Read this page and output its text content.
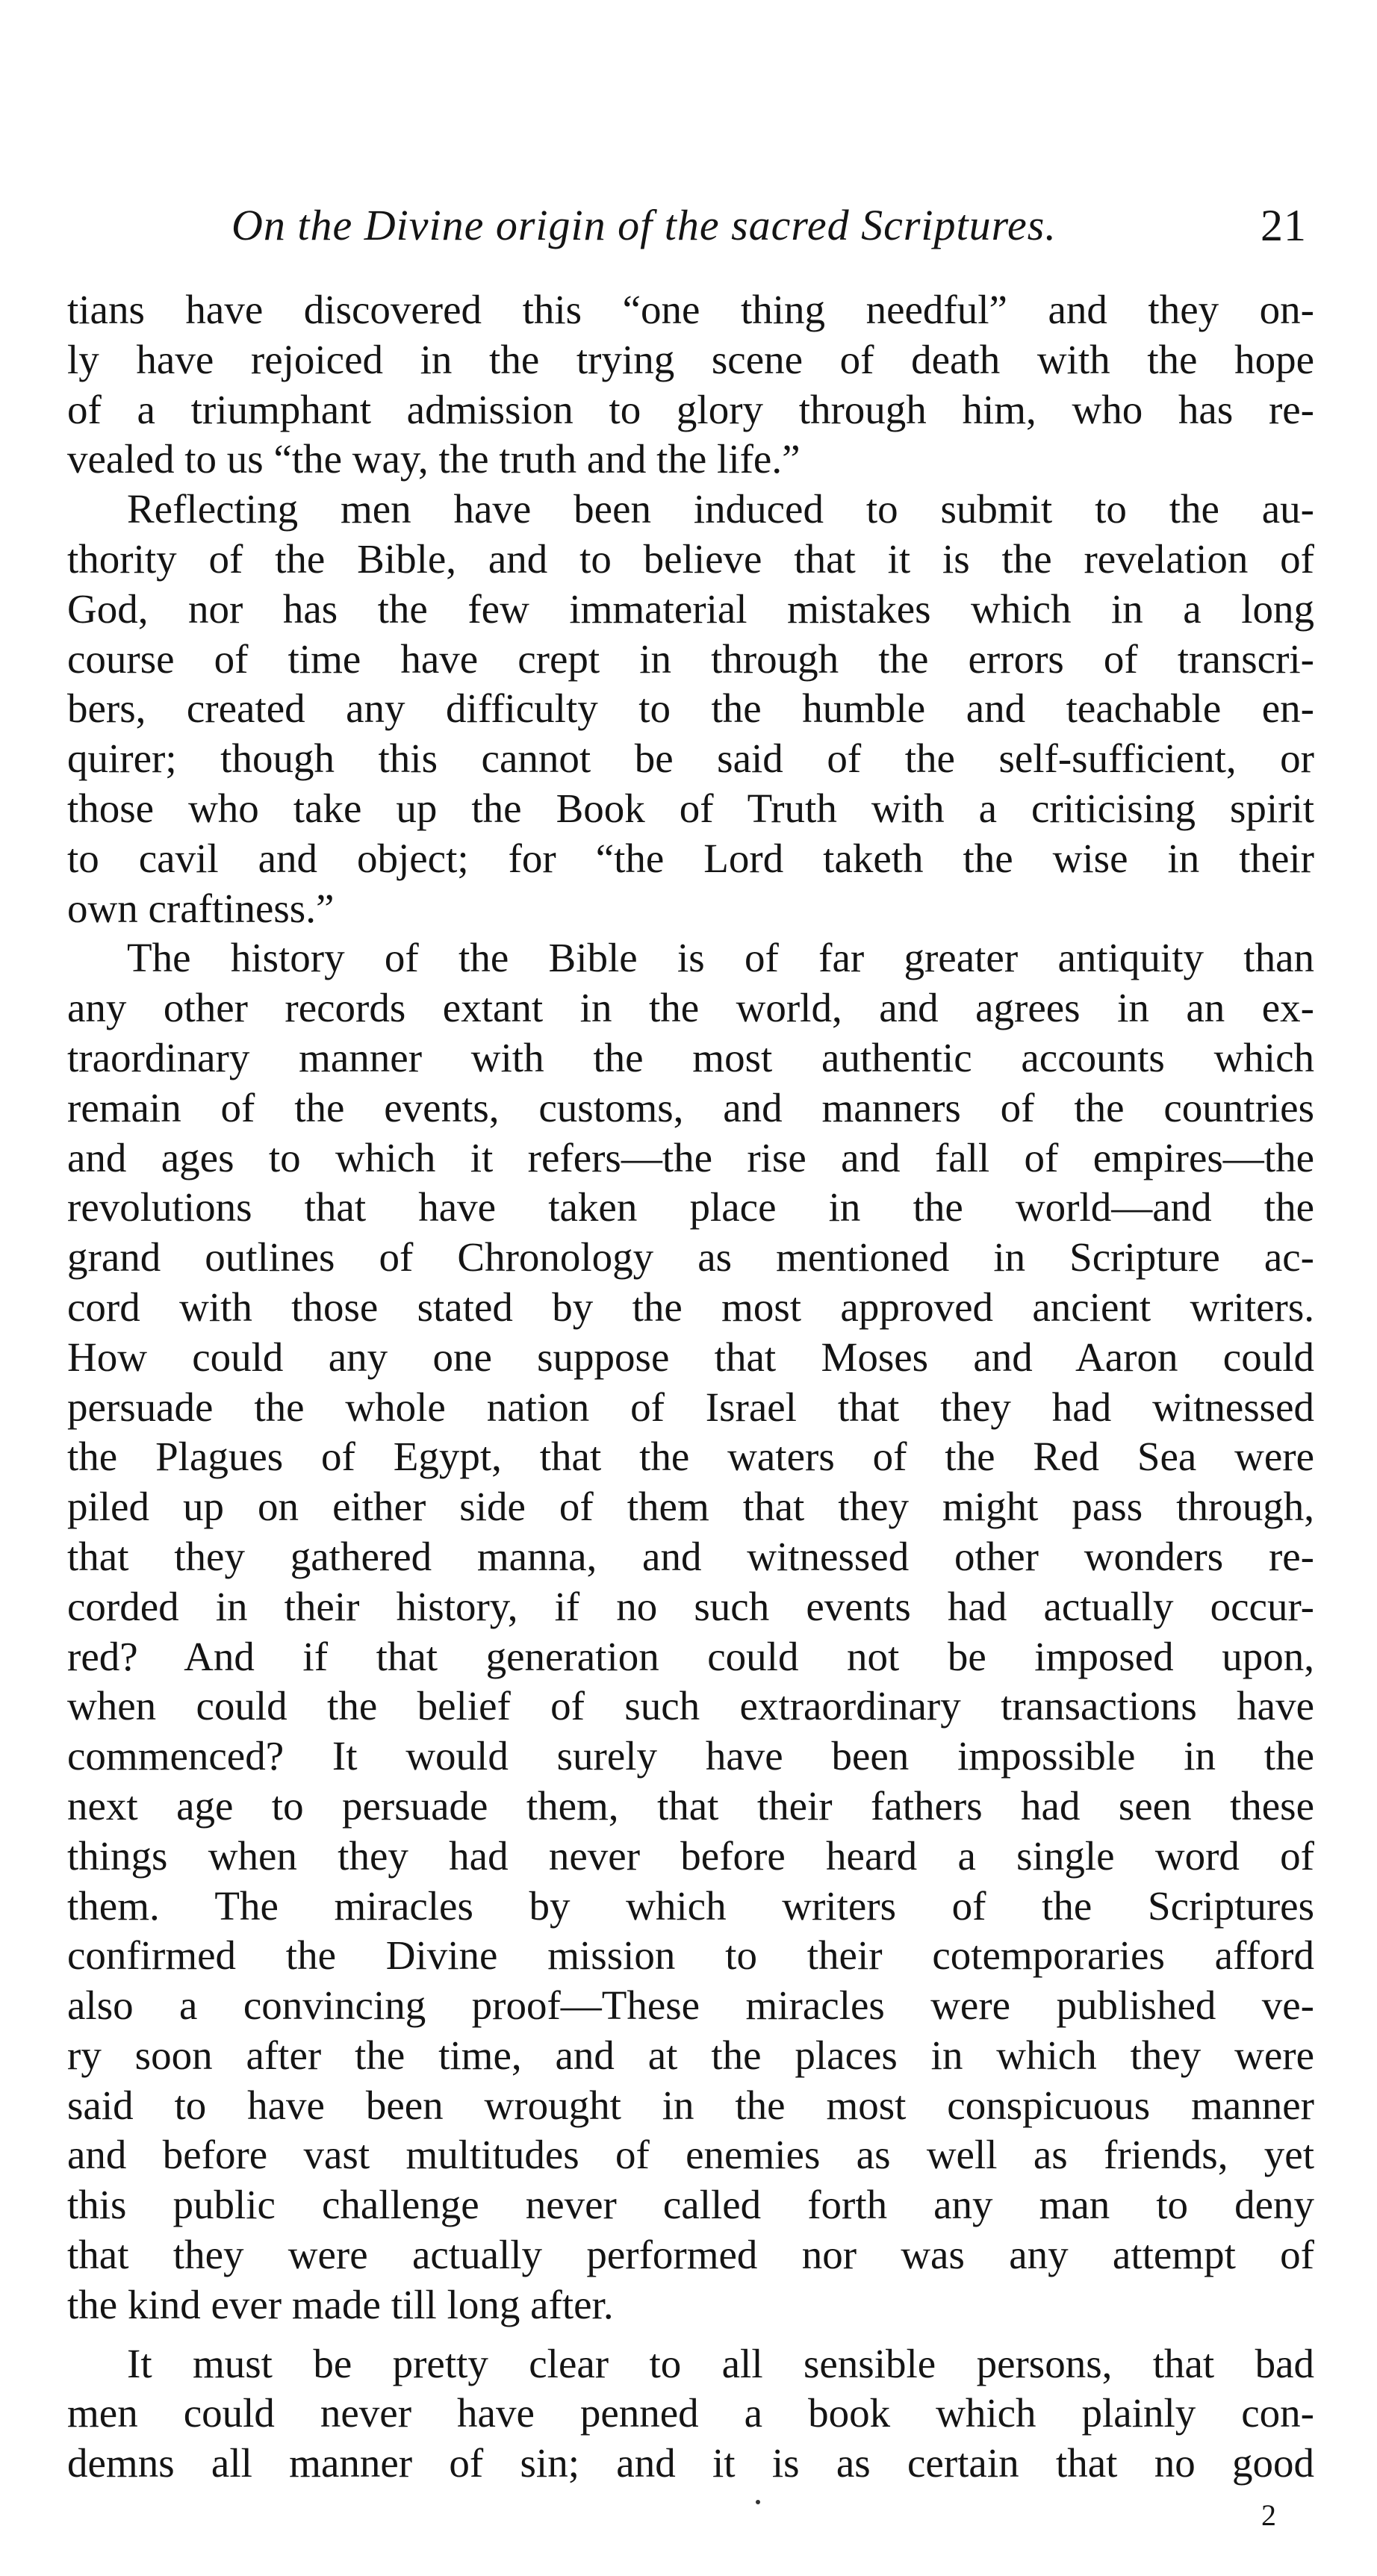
On the Divine origin of the sacred Scriptures.	21
tians have discovered this “one thing needful” and they on-
ly have rejoiced in the trying scene of death with the hope
of a triumphant admission to glory through him, who has re-
vealed to us “the way, the truth and the life.”
Reflecting men have been induced to submit to the au-
thority of the Bible, and to believe that it is the revelation of
God, nor has the few immaterial mistakes which in a long
course of time have crept in through the errors of transcri-
bers, created any difficulty to the humble and teachable en-
quirer; though this cannot be said of the self-sufficient, or
those who take up the Book of Truth with a criticising spirit
to cavil and object; for “the Lord taketh the wise in their
own craftiness.”
The history of the Bible is of far greater antiquity than
any other records extant in the world, and agrees in an ex-
traordinary manner with the most authentic accounts which
remain of the events, customs, and manners of the countries
and ages to which it refers—the rise and fall of empires—the
revolutions that have taken place in the world—and the
grand outlines of Chronology as mentioned in Scripture ac-
cord with those stated by the most approved ancient writers.
How could any one suppose that Moses and Aaron could
persuade the whole nation of Israel that they had witnessed
the Plagues of Egypt, that the waters of the Red Sea were
piled up on either side of them that they might pass through,
that they gathered manna, and witnessed other wonders re-
corded in their history, if no such events had actually occur-
red? And if that generation could not be imposed upon,
when could the belief of such extraordinary transactions have
commenced? It would surely have been impossible in the
next age to persuade them, that their fathers had seen these
things when they had never before heard a single word of
them. The miracles by which writers of the Scriptures
confirmed the Divine mission to their cotemporaries afford
also a convincing proof—These miracles were published ve-
ry soon after the time, and at the places in which they were
said to have been wrought in the most conspicuous manner
and before vast multitudes of enemies as well as friends, yet
this public challenge never called forth any man to deny
that they were actually performed nor was any attempt of
the kind ever made till long after.
It must be pretty clear to all sensible persons, that bad
men could never have penned a book which plainly con-
demns all manner of sin; and it is as certain that no good
2
